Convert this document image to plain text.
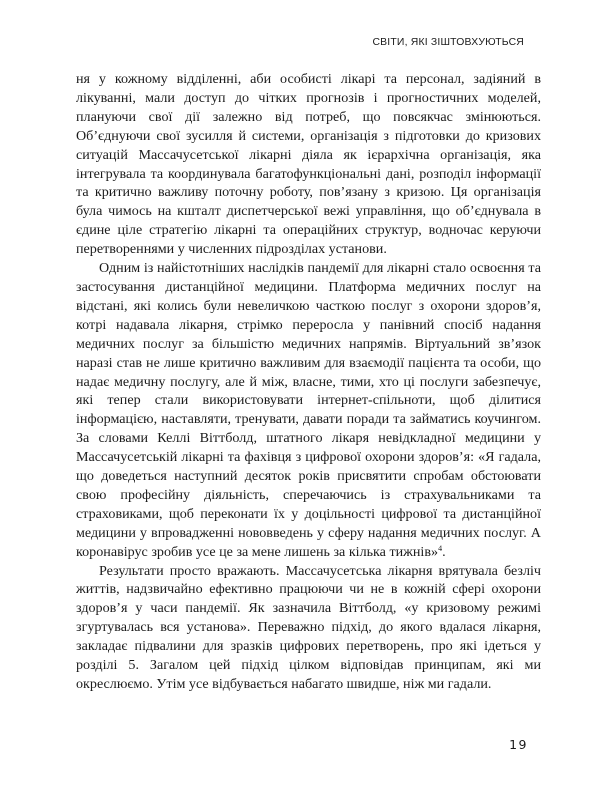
СВІТИ, ЯКІ ЗІШТОВХУЮТЬСЯ

ня у кожному відділенні, аби особисті лікарі та персонал, задіяний в лікуванні, мали доступ до чітких прогнозів і прогностичних моделей, плануючи свої дії залежно від потреб, що повсякчас змінюються. Об’єднуючи свої зусилля й системи, організація з підготовки до кризових ситуацій Массачусетської лікарні діяла як ієрархічна організація, яка інтегрувала та координувала багатофункціональні дані, розподіл інформації та критично важливу поточну роботу, пов’язану з кризою. Ця організація була чимось на кшталт диспетчерської вежі управління, що об’єднувала в єдине ціле стратегію лікарні та операційних структур, водночас керуючи перетвореннями у численних підрозділах установи.

Одним із найістотніших наслідків пандемії для лікарні стало освоєння та застосування дистанційної медицини. Платформа медичних послуг на відстані, які колись були невеличкою часткою послуг з охорони здоров’я, котрі надавала лікарня, стрімко переросла у панівний спосіб надання медичних послуг за більшістю медичних напрямів. Віртуальний зв’язок наразі став не лише критично важливим для взаємодії пацієнта та особи, що надає медичну послугу, але й між, власне, тими, хто ці послуги забезпечує, які тепер стали використовувати інтернет-спільноти, щоб ділитися інформацією, наставляти, тренувати, давати поради та займатись коучингом. За словами Келлі Віттболд, штатного лікаря невідкладної медицини у Массачусетській лікарні та фахівця з цифрової охорони здоров’я: «Я гадала, що доведеться наступний десяток років присвятити спробам обстоювати свою професійну діяльність, сперечаючись із страхувальниками та страховиками, щоб переконати їх у доцільності цифрової та дистанційної медицини у впровадженні нововведень у сферу надання медичних послуг. А коронавірус зробив усе це за мене лишень за кілька тижнів»$^4$.

Результати просто вражають. Массачусетська лікарня врятувала безліч життів, надзвичайно ефективно працюючи чи не в кожній сфері охорони здоров’я у часи пандемії. Як зазначила Віттболд, «у кризовому режимі згуртувалась вся установа». Переважно підхід, до якого вдалася лікарня, закладає підвалини для зразків цифрових перетворень, про які ідеться у розділі 5. Загалом цей підхід цілком відповідав принципам, які ми окреслюємо. Утім усе відбувається набагато швидше, ніж ми гадали.

19
